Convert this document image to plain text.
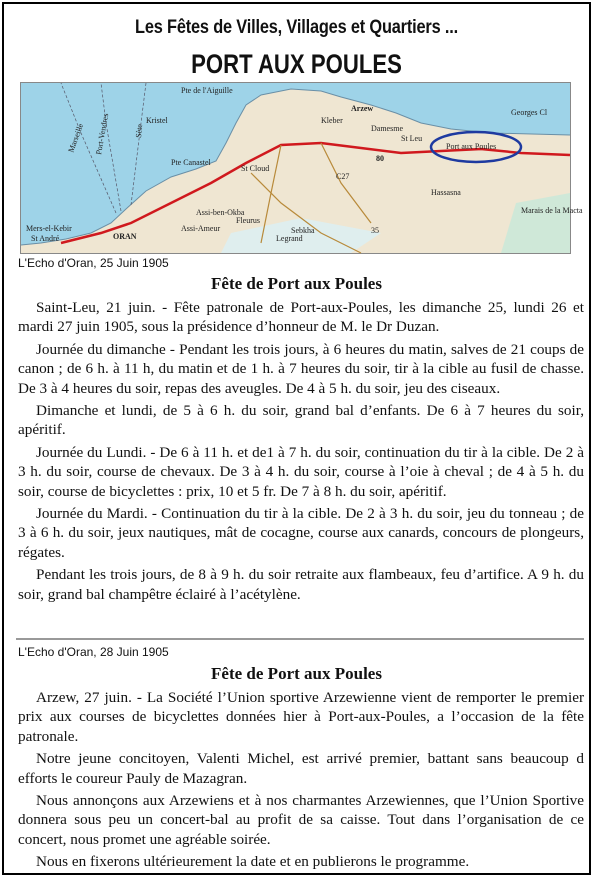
Les Fêtes de Villes, Villages et Quartiers ...
PORT AUX POULES
Pte de l'Aiguille
Kristel
Pte Canastel
Mers-el-Kebir
St André	ORAN
Assi-Ameur
Assi-ben-Okba
Fleurus
Legrand
St Cloud
Arzew
Kleber
Damesme
St Leu
Port aux Poules
Georges Cl
Hassasna
Marais de la Macta
Sebkha
80
C27
35
Marseille Port-Vendres	Sète
L'Echo d'Oran, 25 Juin 1905
Fête de Port aux Poules

Saint-Leu, 21 juin. - Fête patronale de Port-aux-Poules, les dimanche 25, lundi 26 et mardi 27 juin 1905, sous la présidence d’honneur de M. le Dr Duzan.

Journée du dimanche - Pendant les trois jours, à 6 heures du matin, salves de 21 coups de canon ; de 6 h. à 11 h, du matin et de 1 h. à 7 heures du soir, tir à la cible au fusil de chasse. De 3 à 4 heures du soir, repas des aveugles. De 4 à 5 h. du soir, jeu des ciseaux.

Dimanche et lundi, de 5 à 6 h. du soir, grand bal d’enfants. De 6 à 7 heures du soir, apéritif.

Journée du Lundi. - De 6 à 11 h. et de1 à 7 h. du soir, continuation du tir à la cible. De 2 à 3 h. du soir, course de chevaux. De 3 à 4 h. du soir, course à l’oie à cheval ; de 4 à 5 h. du soir, course de bicyclettes : prix, 10 et 5 fr. De 7 à 8 h. du soir, apéritif.

Journée du Mardi. - Continuation du tir à la cible. De 2 à 3 h. du soir, jeu du tonneau ; de 3 à 6 h. du soir, jeux nautiques, mât de cocagne, course aux canards, concours de plongeurs, régates.

Pendant les trois jours, de 8 à 9 h. du soir retraite aux flambeaux, feu d’artifice. A 9 h. du soir, grand bal champêtre éclairé à l’acétylène.

L'Echo d'Oran, 28 Juin 1905
Fête de Port aux Poules

Arzew, 27 juin. - La Société l’Union sportive Arzewienne vient de remporter le premier prix aux courses de bicyclettes données hier à Port-aux-Poules, a l’occasion de la fête patronale.

Notre jeune concitoyen, Valenti Michel, est arrivé premier, battant sans beaucoup d efforts le coureur Pauly de Mazagran.

Nous annonçons aux Arzewiens et à nos charmantes Arzewiennes, que l’Union Sportive donnera sous peu un concert-bal au profit de sa caisse. Tout dans l’organisation de ce concert, nous promet une agréable soirée.

Nous en fixerons ultérieurement la date et en publierons le programme.
